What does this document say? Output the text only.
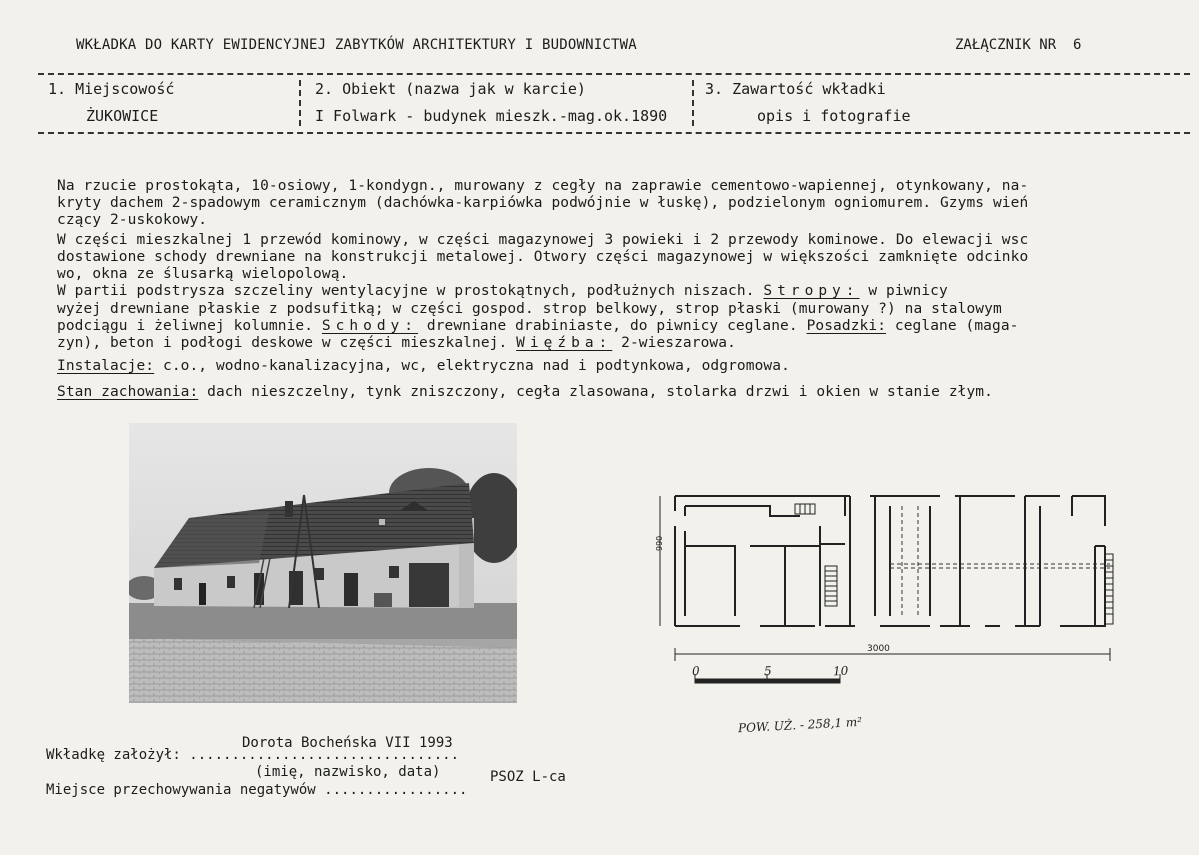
WKŁADKA DO KARTY EWIDENCYJNEJ ZABYTKÓW ARCHITEKTURY I BUDOWNICTWA	ZAŁĄCZNIK NR  6
1. Miejscowość
ŻUKOWICE
2. Obiekt (nazwa jak w karcie)
I Folwark - budynek mieszk.-mag.ok.1890
3. Zawartość wkładki
opis i fotografie
Na rzucie prostokąta, 10-osiowy, 1-kondygn., murowany z cegły na zaprawie cementowo-wapiennej, otynkowany, na-
kryty dachem 2-spadowym ceramicznym (dachówka-karpiówka podwójnie w łuskę), podzielonym ogniomurem. Gzyms wień
czący 2-uskokowy.
W części mieszkalnej 1 przewód kominowy, w części magazynowej 3 powieki i 2 przewody kominowe. Do elewacji wsc
dostawione schody drewniane na konstrukcji metalowej. Otwory części magazynowej w większości zamknięte odcinko
wo, okna ze ślusarką wielopolową.
W partii podstrysza szczeliny wentylacyjne w prostokątnych, podłużnych niszach. Stropy: w piwnicy
wyżej drewniane płaskie z podsufitką; w części gospod. strop belkowy, strop płaski (murowany ?) na stalowym
podciągu i żeliwnej kolumnie. Schody: drewniane drabiniaste, do piwnicy ceglane. Posadzki: ceglane (maga-
zyn), beton i podłogi deskowe w części mieszkalnej. Więźba: 2-wieszarowa.
Instalacje: c.o., wodno-kanalizacyjna, wc, elektryczna nad i podtynkowa, odgromowa.
Stan zachowania: dach nieszczelny, tynk zniszczony, cegła zlasowana, stolarka drzwi i okien w stanie złym.
990
3000
0	5	10
POW. UŻ. - 258,1 m²
Dorota Bocheńska VII 1993
Wkładkę założył: ................................
(imię, nazwisko, data)	PSOZ L-ca
Miejsce przechowywania negatywów .................
